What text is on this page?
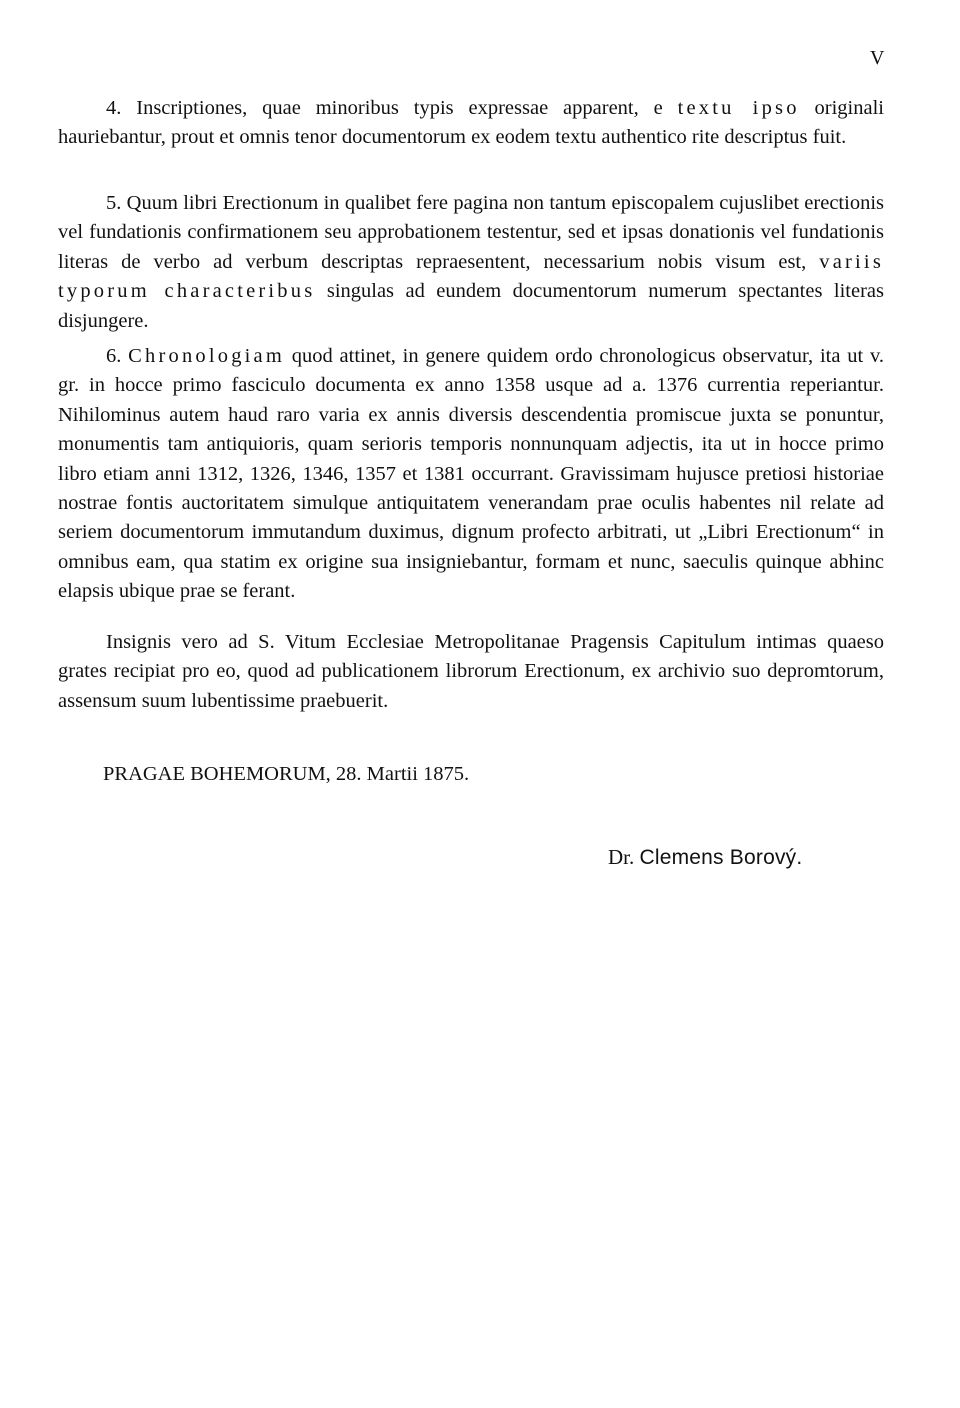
V

4. Inscriptiones, quae minoribus typis expressae apparent, e textu ipso originali hauriebantur, prout et omnis tenor documentorum ex eodem textu authentico rite descriptus fuit.

5. Quum libri Erectionum in qualibet fere pagina non tantum episcopalem cujuslibet erectionis vel fundationis confirmationem seu approbationem testentur, sed et ipsas donationis vel fundationis literas de verbo ad verbum descriptas repraesentent, necessarium nobis visum est, variis typorum characteribus singulas ad eundem documentorum numerum spectantes literas disjungere.

6. Chronologiam quod attinet, in genere quidem ordo chronologicus observatur, ita ut v. gr. in hocce primo fasciculo documenta ex anno 1358 usque ad a. 1376 currentia reperiantur. Nihilominus autem haud raro varia ex annis diversis descendentia promiscue juxta se ponuntur, monumentis tam antiquioris, quam serioris temporis nonnunquam adjectis, ita ut in hocce primo libro etiam anni 1312, 1326, 1346, 1357 et 1381 occurrant. Gravissimam hujusce pretiosi historiae nostrae fontis auctoritatem simulque antiquitatem venerandam prae oculis habentes nil relate ad seriem documentorum immutandum duximus, dignum profecto arbitrati, ut „Libri Erectionum“ in omnibus eam, qua statim ex origine sua insigniebantur, formam et nunc, saeculis quinque abhinc elapsis ubique prae se ferant.

Insignis vero ad S. Vitum Ecclesiae Metropolitanae Pragensis Capitulum intimas quaeso grates recipiat pro eo, quod ad publicationem librorum Erectionum, ex archivio suo depromtorum, assensum suum lubentissime praebuerit.

PRAGAE BOHEMORUM, 28. Martii 1875.
Dr. Clemens Borový.
